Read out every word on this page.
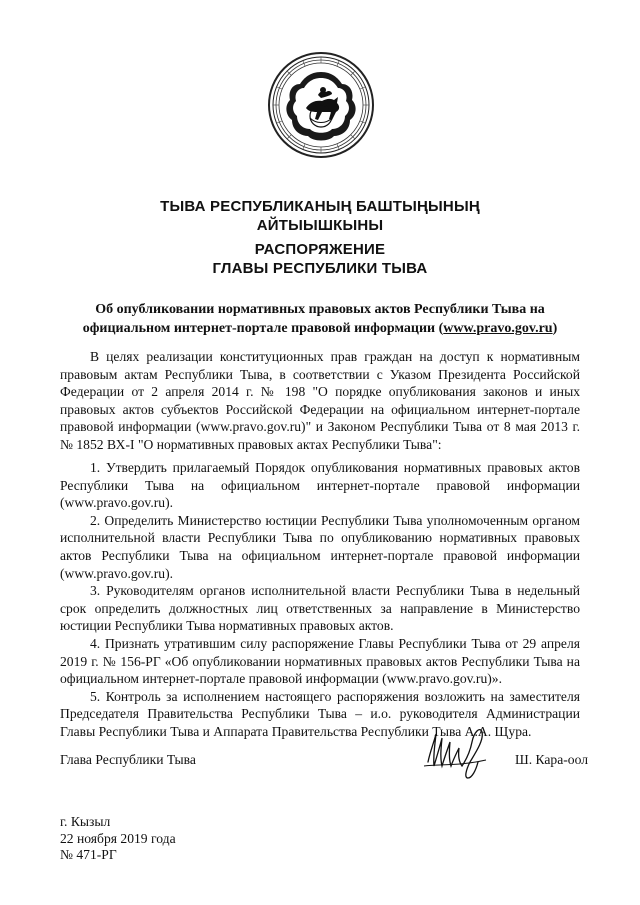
ТЫВА РЕСПУБЛИКАНЫҢ БАШТЫҢЫНЫҢ
АЙТЫЫШКЫНЫ
РАСПОРЯЖЕНИЕ
ГЛАВЫ РЕСПУБЛИКИ ТЫВА
Об опубликовании нормативных правовых актов Республики Тыва на
официальном интернет-портале правовой информации (www.pravo.gov.ru)
В целях реализации конституционных прав граждан на доступ к нормативным правовым актам Республики Тыва, в соответствии с Указом Президента Российской Федерации от 2 апреля 2014 г. № 198 "О порядке опубликования законов и иных правовых актов субъектов Российской Федерации на официальном интернет-портале правовой информации (www.pravo.gov.ru)" и Законом Республики Тыва от 8 мая 2013 г. № 1852 ВХ-I "О нормативных правовых актах Республики Тыва":

1. Утвердить прилагаемый Порядок опубликования нормативных правовых актов Республики Тыва на официальном интернет-портале правовой информации (www.pravo.gov.ru).

2. Определить Министерство юстиции Республики Тыва уполномоченным органом исполнительной власти Республики Тыва по опубликованию нормативных правовых актов Республики Тыва на официальном интернет-портале правовой информации (www.pravo.gov.ru).

3. Руководителям органов исполнительной власти Республики Тыва в недельный срок определить должностных лиц ответственных за направление в Министерство юстиции Республики Тыва нормативных правовых актов.

4. Признать утратившим силу распоряжение Главы Республики Тыва от 29 апреля 2019 г. № 156-РГ «Об опубликовании нормативных правовых актов Республики Тыва на официальном интернет-портале правовой информации (www.pravo.gov.ru)».

5. Контроль за исполнением настоящего распоряжения возложить на заместителя Председателя Правительства Республики Тыва – и.о. руководителя Администрации Главы Республики Тыва и Аппарата Правительства Республики Тыва А.А. Щура.

Глава Республики Тыва	Ш. Кара-оол
г. Кызыл
22 ноября 2019 года
№ 471-РГ
